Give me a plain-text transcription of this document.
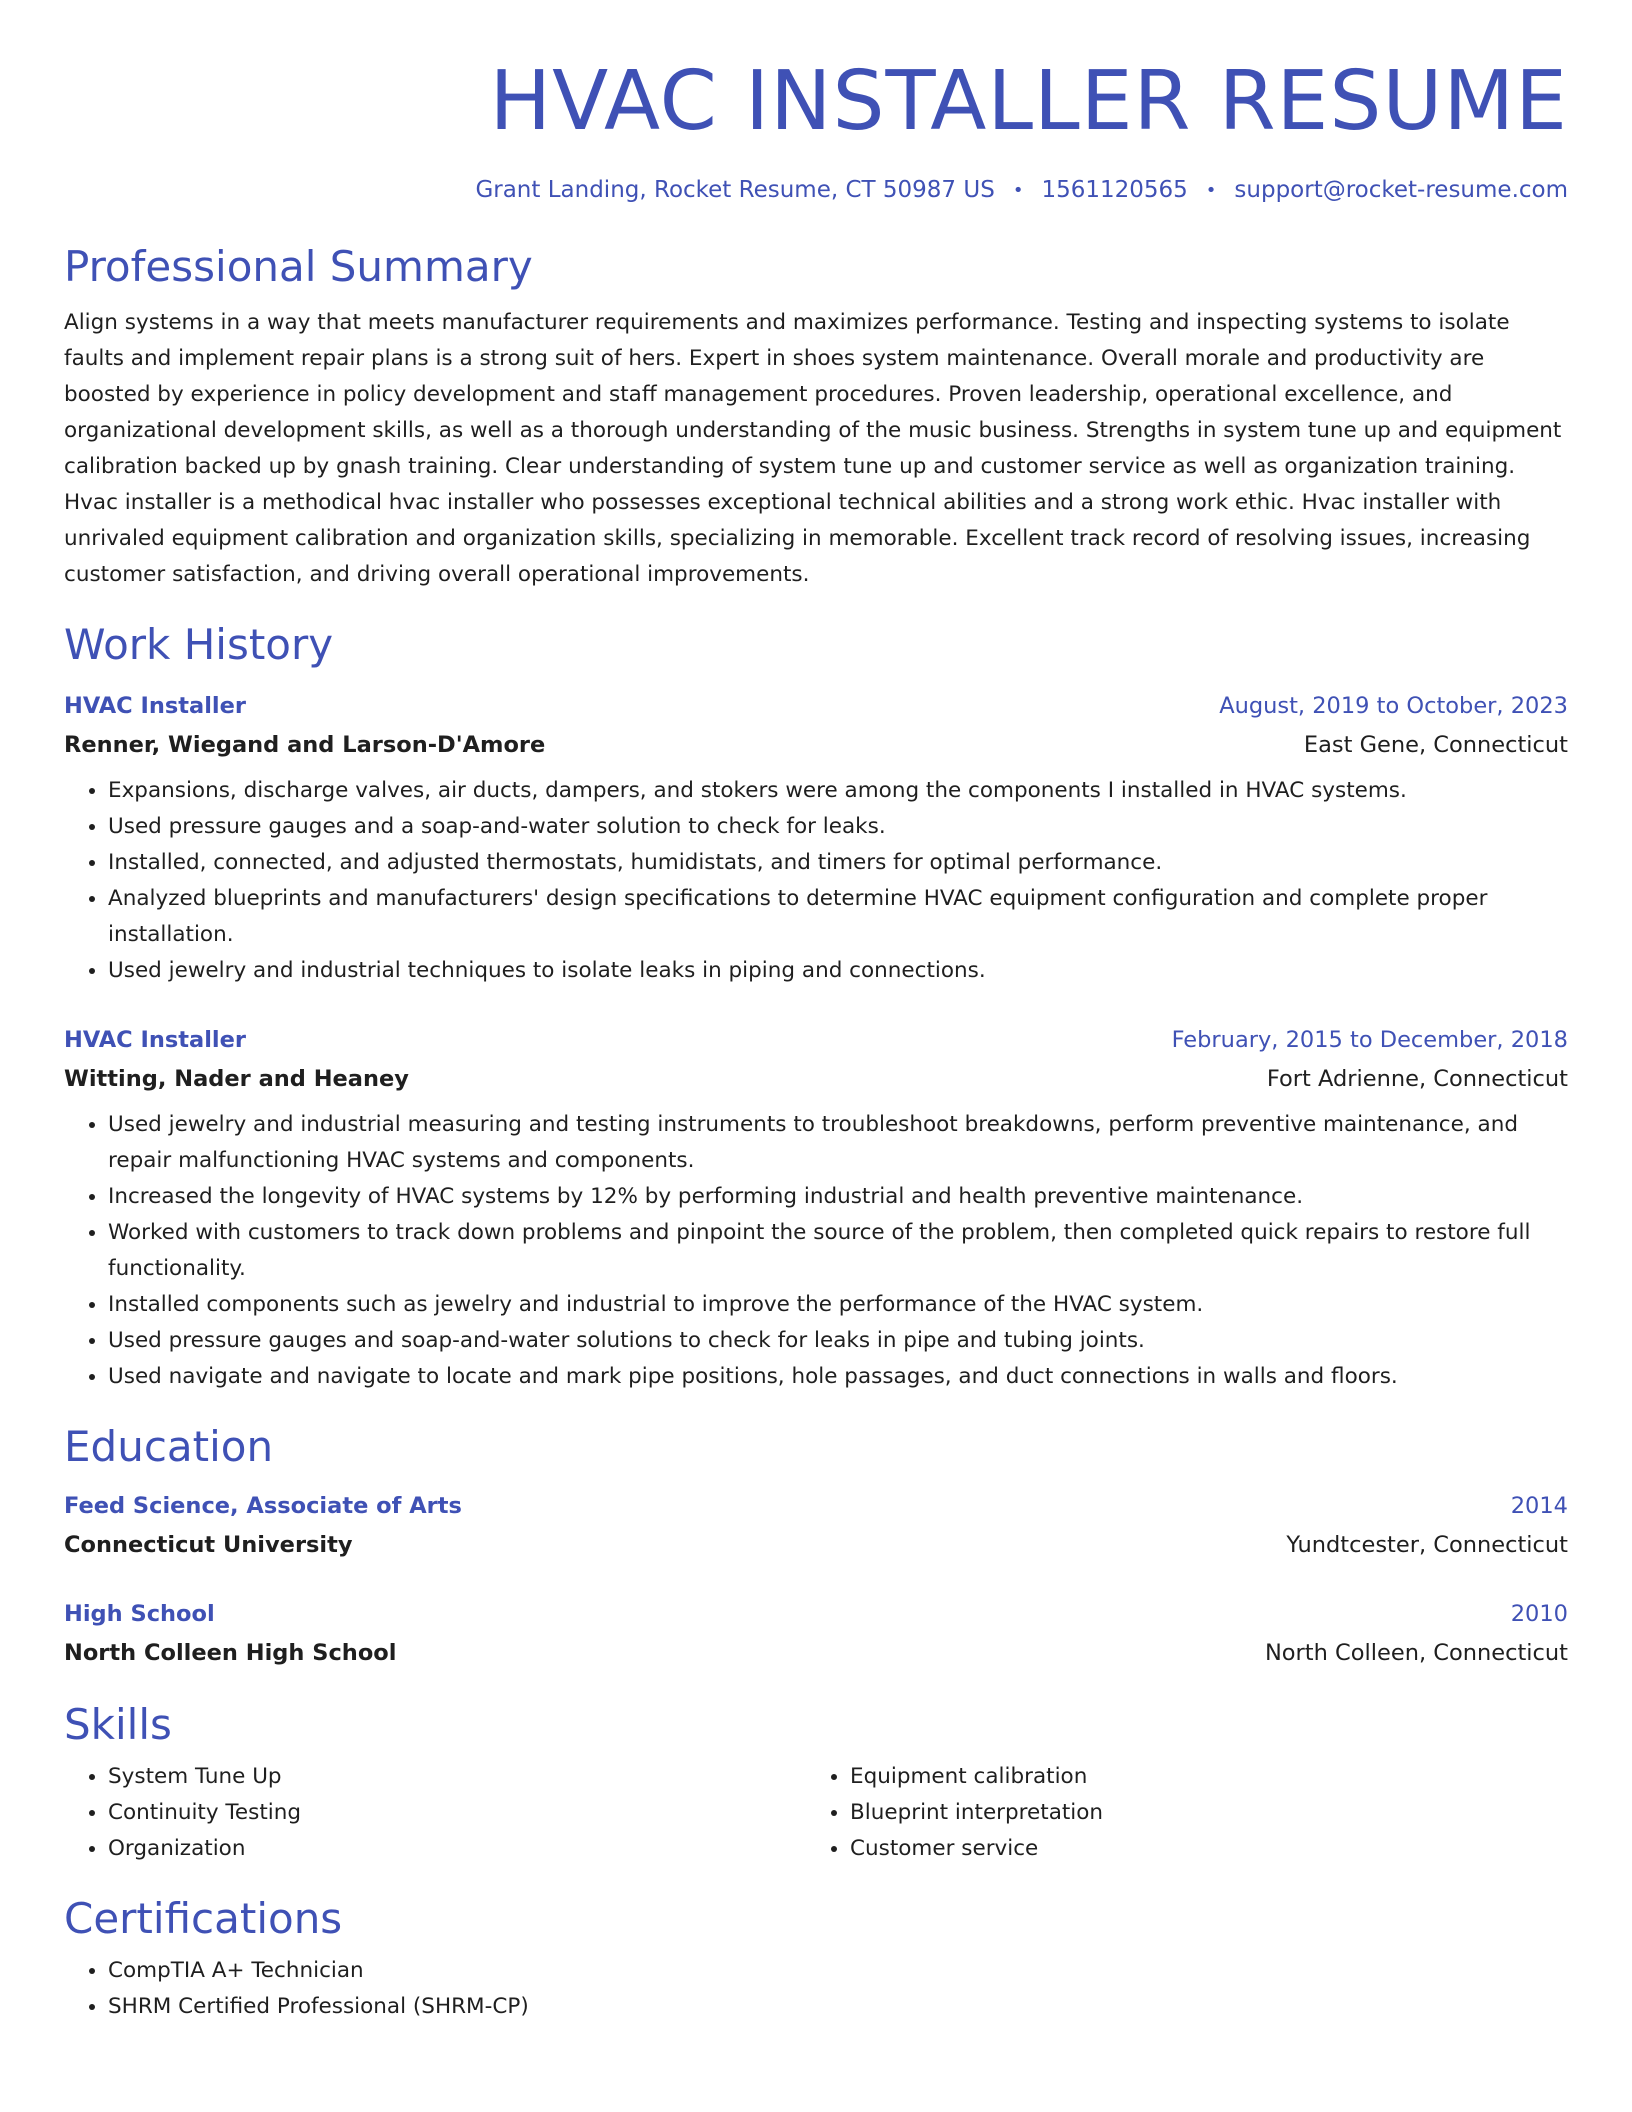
HVAC INSTALLER RESUME
Grant Landing, Rocket Resume, CT 50987 US • 1561120565 • support@rocket-resume.com
Professional Summary
Align systems in a way that meets manufacturer requirements and maximizes performance. Testing and inspecting systems to isolate faults and implement repair plans is a strong suit of hers. Expert in shoes system maintenance. Overall morale and productivity are boosted by experience in policy development and staff management procedures. Proven leadership, operational excellence, and organizational development skills, as well as a thorough understanding of the music business. Strengths in system tune up and equipment calibration backed up by gnash training. Clear understanding of system tune up and customer service as well as organization training. Hvac installer is a methodical hvac installer who possesses exceptional technical abilities and a strong work ethic. Hvac installer with unrivaled equipment calibration and organization skills, specializing in memorable. Excellent track record of resolving issues, increasing customer satisfaction, and driving overall operational improvements.
Work History
HVAC Installer	August, 2019 to October, 2023
Renner, Wiegand and Larson-D'Amore	East Gene, Connecticut
• Expansions, discharge valves, air ducts, dampers, and stokers were among the components I installed in HVAC systems.
• Used pressure gauges and a soap-and-water solution to check for leaks.
• Installed, connected, and adjusted thermostats, humidistats, and timers for optimal performance.
• Analyzed blueprints and manufacturers' design specifications to determine HVAC equipment configuration and complete proper installation.
• Used jewelry and industrial techniques to isolate leaks in piping and connections.
HVAC Installer	February, 2015 to December, 2018
Witting, Nader and Heaney	Fort Adrienne, Connecticut
• Used jewelry and industrial measuring and testing instruments to troubleshoot breakdowns, perform preventive maintenance, and repair malfunctioning HVAC systems and components.
• Increased the longevity of HVAC systems by 12% by performing industrial and health preventive maintenance.
• Worked with customers to track down problems and pinpoint the source of the problem, then completed quick repairs to restore full functionality.
• Installed components such as jewelry and industrial to improve the performance of the HVAC system.
• Used pressure gauges and soap-and-water solutions to check for leaks in pipe and tubing joints.
• Used navigate and navigate to locate and mark pipe positions, hole passages, and duct connections in walls and floors.
Education
Feed Science, Associate of Arts	2014
Connecticut University	Yundtcester, Connecticut
High School	2010
North Colleen High School	North Colleen, Connecticut
Skills
• System Tune Up
• Continuity Testing
• Organization
• Equipment calibration
• Blueprint interpretation
• Customer service
Certifications
• CompTIA A+ Technician
• SHRM Certified Professional (SHRM-CP)
